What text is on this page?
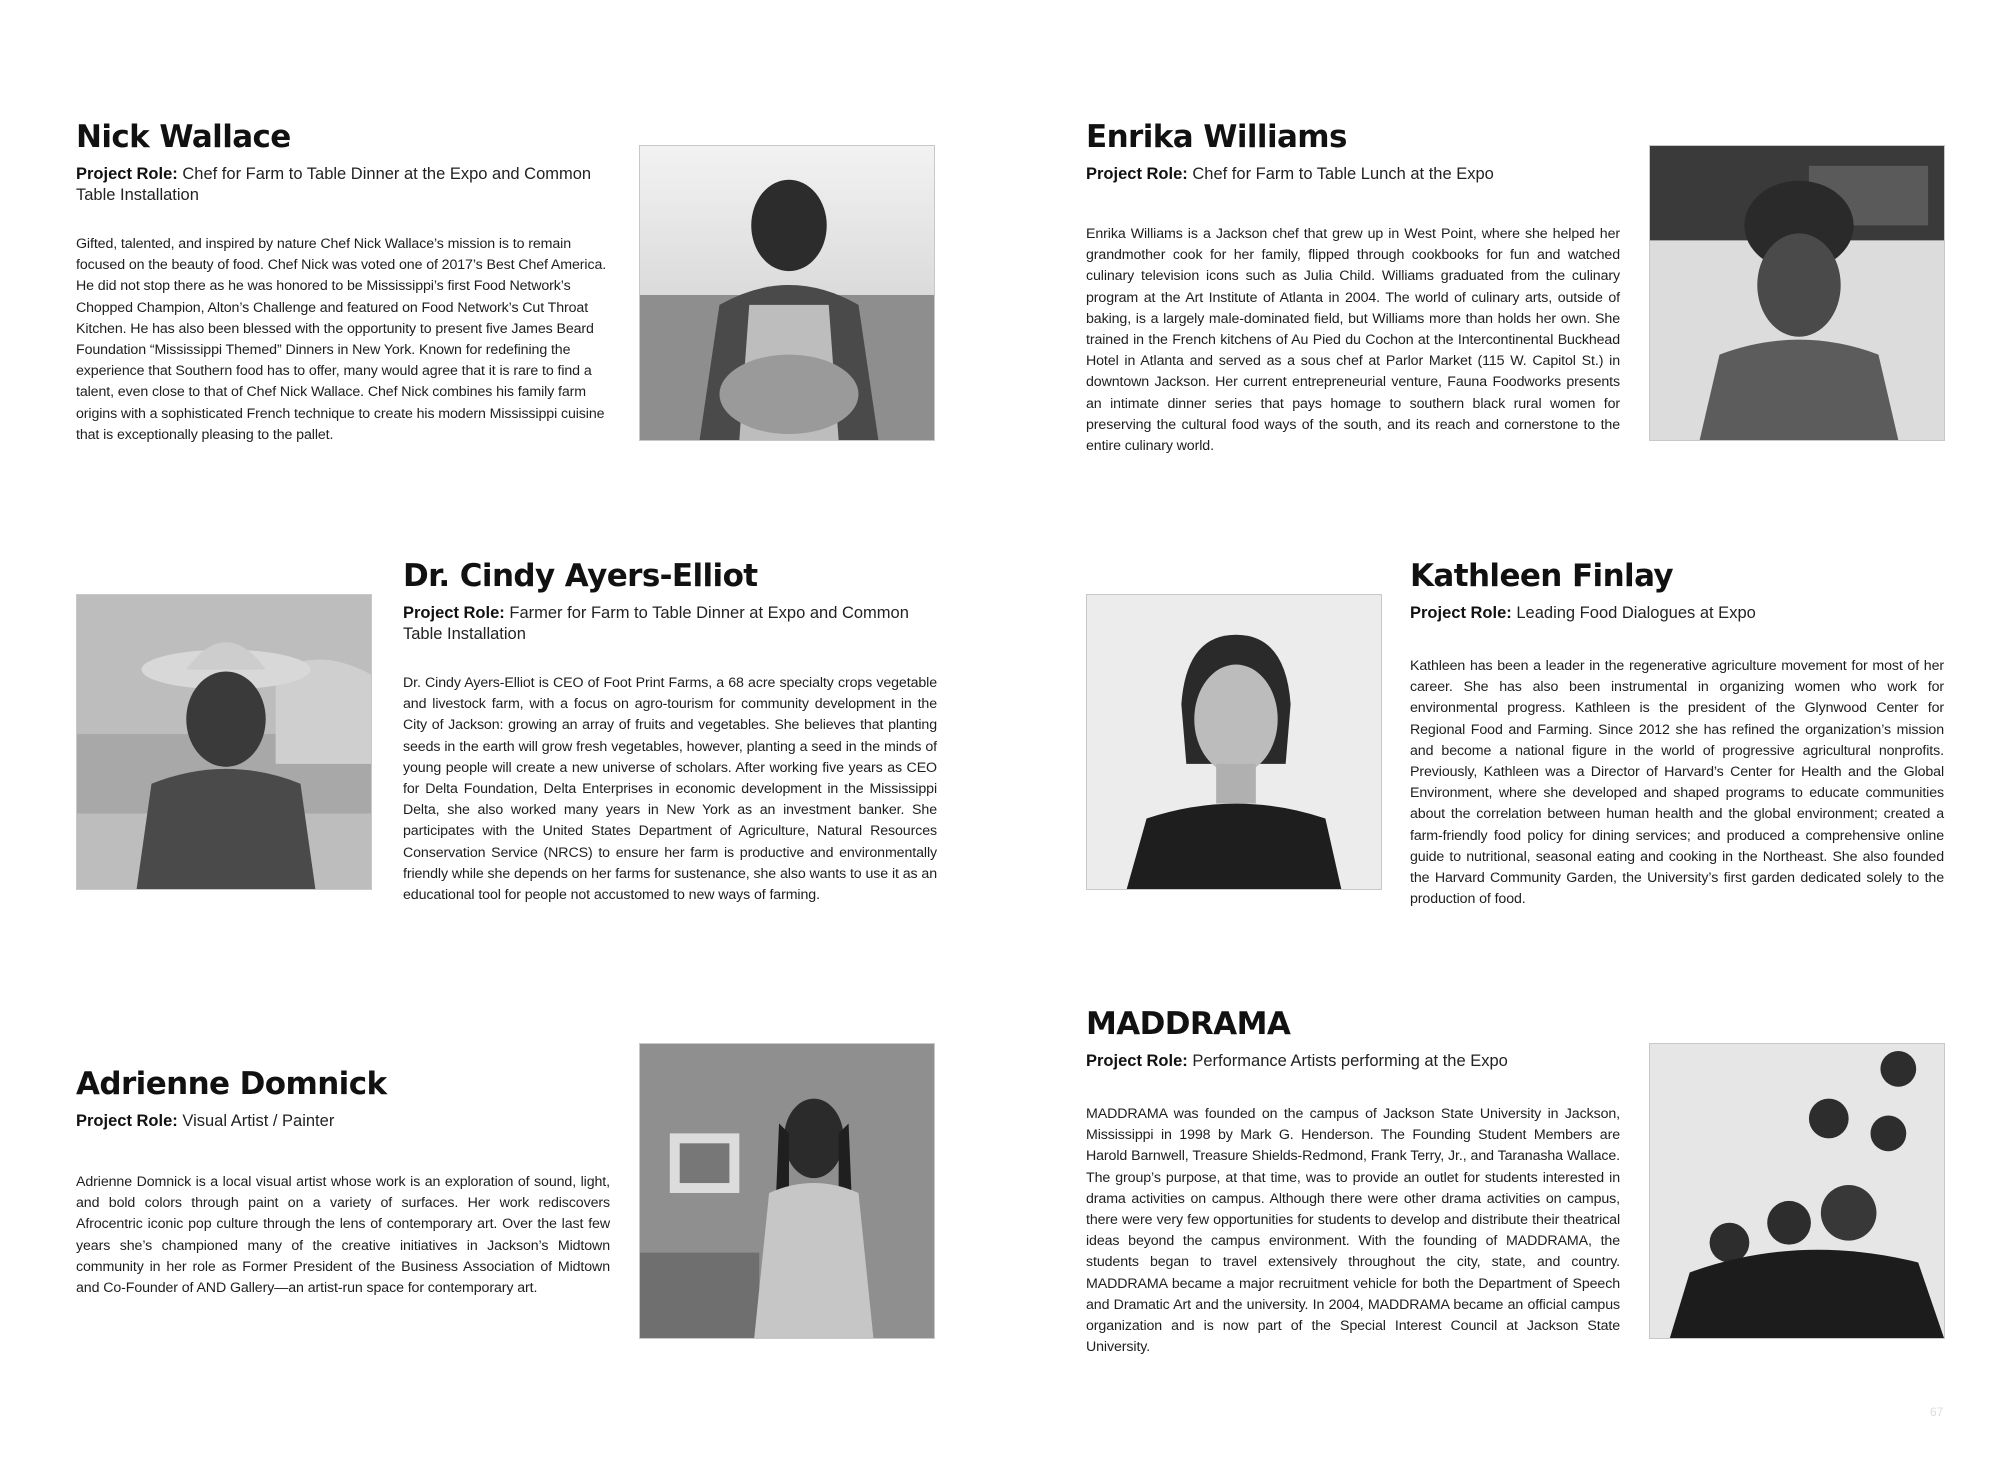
Nick Wallace

Project Role: Chef for Farm to Table Dinner at the Expo and Common Table Installation

Gifted, talented, and inspired by nature Chef Nick Wallace’s mission is to remain focused on the beauty of food. Chef Nick was voted one of 2017’s Best Chef America. He did not stop there as he was honored to be Mississippi’s first Food Network’s Chopped Champion, Alton’s Challenge and featured on Food Network’s Cut Throat Kitchen. He has also been blessed with the opportunity to present five James Beard Foundation “Mississippi Themed” Dinners in New York. Known for redefining the experience that Southern food has to offer, many would agree that it is rare to find a talent, even close to that of Chef Nick Wallace. Chef Nick combines his family farm origins with a sophisticated French technique to create his modern Mississippi cuisine that is exceptionally pleasing to the pallet.

Enrika Williams

Project Role: Chef for Farm to Table Lunch at the Expo

Enrika Williams is a Jackson chef that grew up in West Point, where she helped her grandmother cook for her family, flipped through cookbooks for fun and watched culinary television icons such as Julia Child. Williams graduated from the culinary program at the Art Institute of Atlanta in 2004. The world of culinary arts, outside of baking, is a largely male-dominated field, but Williams more than holds her own. She trained in the French kitchens of Au Pied du Cochon at the Intercontinental Buckhead Hotel in Atlanta and served as a sous chef at Parlor Market (115 W. Capitol St.) in downtown Jackson. Her current entrepreneurial venture, Fauna Foodworks presents an intimate dinner series that pays homage to southern black rural women for preserving the cultural food ways of the south, and its reach and cornerstone to the entire culinary world.

Dr. Cindy Ayers-Elliot

Project Role: Farmer for Farm to Table Dinner at Expo and Common Table Installation

Dr. Cindy Ayers-Elliot is CEO of Foot Print Farms, a 68 acre specialty crops vegetable and livestock farm, with a focus on agro-tourism for community development in the City of Jackson: growing an array of fruits and vegetables. She believes that planting seeds in the earth will grow fresh vegetables, however, planting a seed in the minds of young people will create a new universe of scholars. After working five years as CEO for Delta Foundation, Delta Enterprises in economic development in the Mississippi Delta, she also worked many years in New York as an investment banker. She participates with the United States Department of Agriculture, Natural Resources Conservation Service (NRCS) to ensure her farm is productive and environmentally friendly while she depends on her farms for sustenance, she also wants to use it as an educational tool for people not accustomed to new ways of farming.

Kathleen Finlay

Project Role: Leading Food Dialogues at Expo

Kathleen has been a leader in the regenerative agriculture movement for most of her career. She has also been instrumental in organizing women who work for environmental progress. Kathleen is the president of the Glynwood Center for Regional Food and Farming. Since 2012 she has refined the organization’s mission and become a national figure in the world of progressive agricultural nonprofits. Previously, Kathleen was a Director of Harvard’s Center for Health and the Global Environment, where she developed and shaped programs to educate communities about the correlation between human health and the global environment; created a farm-friendly food policy for dining services; and produced a comprehensive online guide to nutritional, seasonal eating and cooking in the Northeast. She also founded the Harvard Community Garden, the University’s first garden dedicated solely to the production of food.

Adrienne Domnick

Project Role: Visual Artist / Painter

Adrienne Domnick is a local visual artist whose work is an exploration of sound, light, and bold colors through paint on a variety of surfaces. Her work rediscovers Afrocentric iconic pop culture through the lens of contemporary art. Over the last few years she’s championed many of the creative initiatives in Jackson’s Midtown community in her role as Former President of the Business Association of Midtown and Co-Founder of AND Gallery—an artist-run space for contemporary art.

MADDRAMA

Project Role: Performance Artists performing at the Expo

MADDRAMA was founded on the campus of Jackson State University in Jackson, Mississippi in 1998 by Mark G. Henderson. The Founding Student Members are Harold Barnwell, Treasure Shields-Redmond, Frank Terry, Jr., and Taranasha Wallace. The group’s purpose, at that time, was to provide an outlet for students interested in drama activities on campus. Although there were other drama activities on campus, there were very few opportunities for students to develop and distribute their theatrical ideas beyond the campus environment. With the founding of MADDRAMA, the students began to travel extensively throughout the city, state, and country. MADDRAMA became a major recruitment vehicle for both the Department of Speech and Dramatic Art and the university. In 2004, MADDRAMA became an official campus organization and is now part of the Special Interest Council at Jackson State University.

67
